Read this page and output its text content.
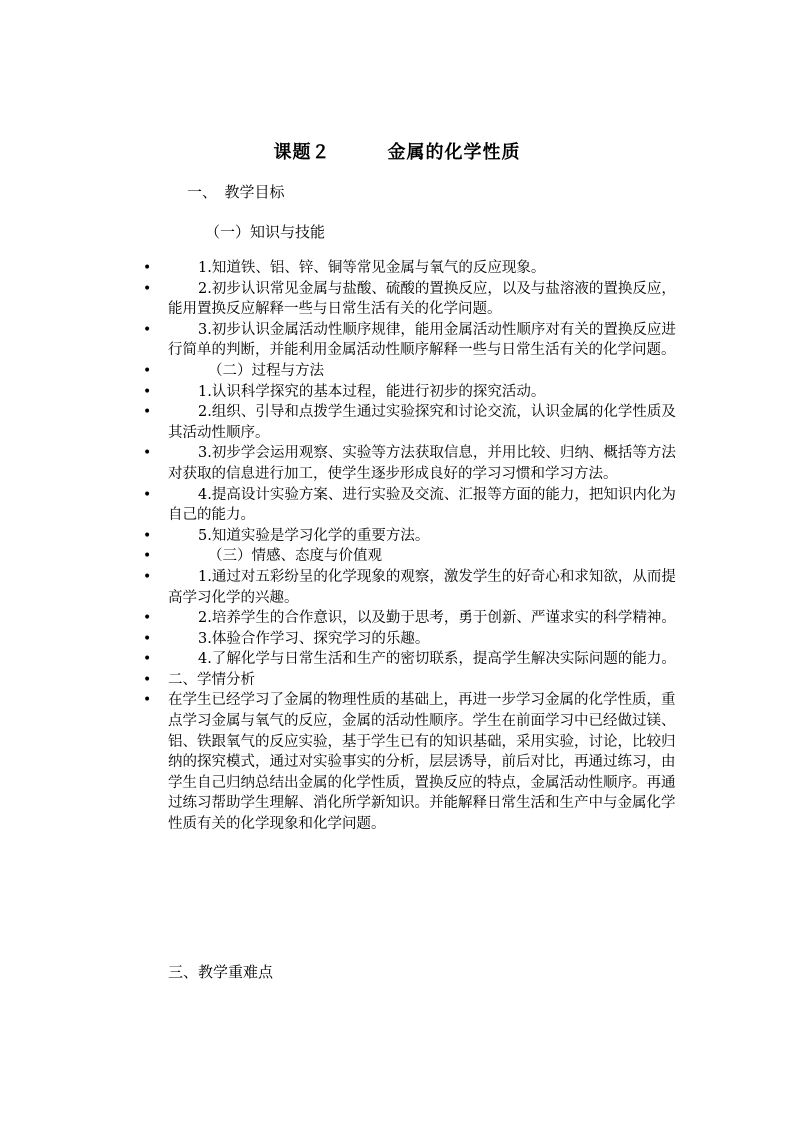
课题２　　　金属的化学性质
一、　教学目标
（一）知识与技能
•	1.知道铁、铝、锌、铜等常见金属与氧气的反应现象。
•	2.初步认识常见金属与盐酸、硫酸的置换反应，以及与盐溶液的置换反应，能用置换反应解释一些与日常生活有关的化学问题。
•	3.初步认识金属活动性顺序规律，能用金属活动性顺序对有关的置换反应进行简单的判断，并能利用金属活动性顺序解释一些与日常生活有关的化学问题。
•	（二）过程与方法
•	1.认识科学探究的基本过程，能进行初步的探究活动。
•	2.组织、引导和点拨学生通过实验探究和讨论交流，认识金属的化学性质及其活动性顺序。
•	3.初步学会运用观察、实验等方法获取信息，并用比较、归纳、概括等方法对获取的信息进行加工，使学生逐步形成良好的学习习惯和学习方法。
•	4.提高设计实验方案、进行实验及交流、汇报等方面的能力，把知识内化为自己的能力。
•	5.知道实验是学习化学的重要方法。
•	（三）情感、态度与价值观
•	1.通过对五彩纷呈的化学现象的观察，激发学生的好奇心和求知欲，从而提高学习化学的兴趣。
•	2.培养学生的合作意识，以及勤于思考，勇于创新、严谨求实的科学精神。
•	3.体验合作学习、探究学习的乐趣。
•	4.了解化学与日常生活和生产的密切联系，提高学生解决实际问题的能力。
• 二、学情分析
• 在学生已经学习了金属的物理性质的基础上，再进一步学习金属的化学性质，重点学习金属与氧气的反应，金属的活动性顺序。学生在前面学习中已经做过镁、铝、铁跟氧气的反应实验，基于学生已有的知识基础，采用实验，讨论，比较归纳的探究模式，通过对实验事实的分析，层层诱导，前后对比，再通过练习，由学生自己归纳总结出金属的化学性质，置换反应的特点，金属活动性顺序。再通过练习帮助学生理解、消化所学新知识。并能解释日常生活和生产中与金属化学性质有关的化学现象和化学问题。
三、教学重难点
